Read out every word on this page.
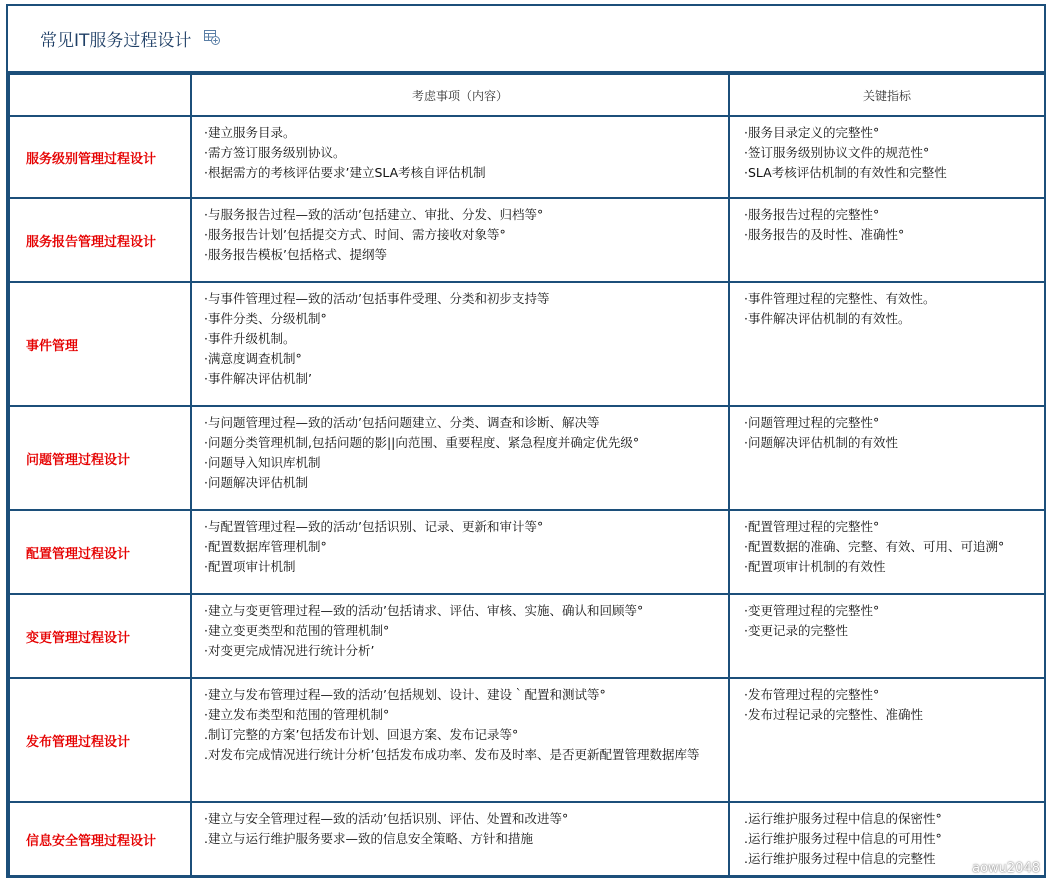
常见IT服务过程设计
	考虑事项（内容）	关键指标
服务级别管理过程设计	·建立服务目录。
·需方签订服务级别协议。
·根据需方的考核评估要求’建立SLA考核自评估机制	·服务目录定义的完整性°
·签订服务级别协议文件的规范性°
·SLA考核评估机制的有效性和完整性

服务报告管理过程设计	·与服务报告过程—致的活动’包括建立、审批、分发、归档等°
·服务报告计划’包括提交方式、时间、需方接收对象等°
·服务报告模板’包括格式、提纲等	·服务报告过程的完整性°
·服务报告的及时性、准确性°

事件管理	·与事件管理过程—致的活动’包括事件受理、分类和初步支持等
·事件分类、分级机制°
·事件升级机制。
·满意度调查机制°
·事件解决评估机制’	·事件管理过程的完整性、有效性。
·事件解决评估机制的有效性。

问题管理过程设计	·与问题管理过程—致的活动’包括问题建立、分类、调查和诊断、解决等
·问题分类管理机制,包括问题的影||向范围、重要程度、紧急程度并确定优先级°
·问题导入知识库机制
·问题解决评估机制	·问题管理过程的完整性°
·问题解决评估机制的有效性

配置管理过程设计	·与配置管理过程—致的活动’包括识别、记录、更新和审计等°
·配置数据库管理机制°
·配置项审计机制	·配置管理过程的完整性°
·配置数据的准确、完整、有效、可用、可追溯°
·配置项审计机制的有效性

变更管理过程设计	·建立与变更管理过程—致的活动’包括请求、评估、审核、实施、确认和回顾等°
·建立变更类型和范围的管理机制°
·对变更完成情况进行统计分析’	·变更管理过程的完整性°
·变更记录的完整性

发布管理过程设计	·建立与发布管理过程—致的活动’包括规划、设计、建设｀配置和测试等°
·建立发布类型和范围的管理机制°
.制订完整的方案’包括发布计划、回退方案、发布记录等°
.对发布完成情况进行统计分析’包括发布成功率、发布及时率、是否更新配置管理数据库等	·发布管理过程的完整性°
·发布过程记录的完整性、准确性

信息安全管理过程设计	·建立与安全管理过程—致的活动’包括识别、评估、处置和改进等°
.建立与运行维护服务要求—致的信息安全策略、方针和措施	.运行维护服务过程中信息的保密性°
.运行维护服务过程中信息的可用性°
.运行维护服务过程中信息的完整性
aowu2048
